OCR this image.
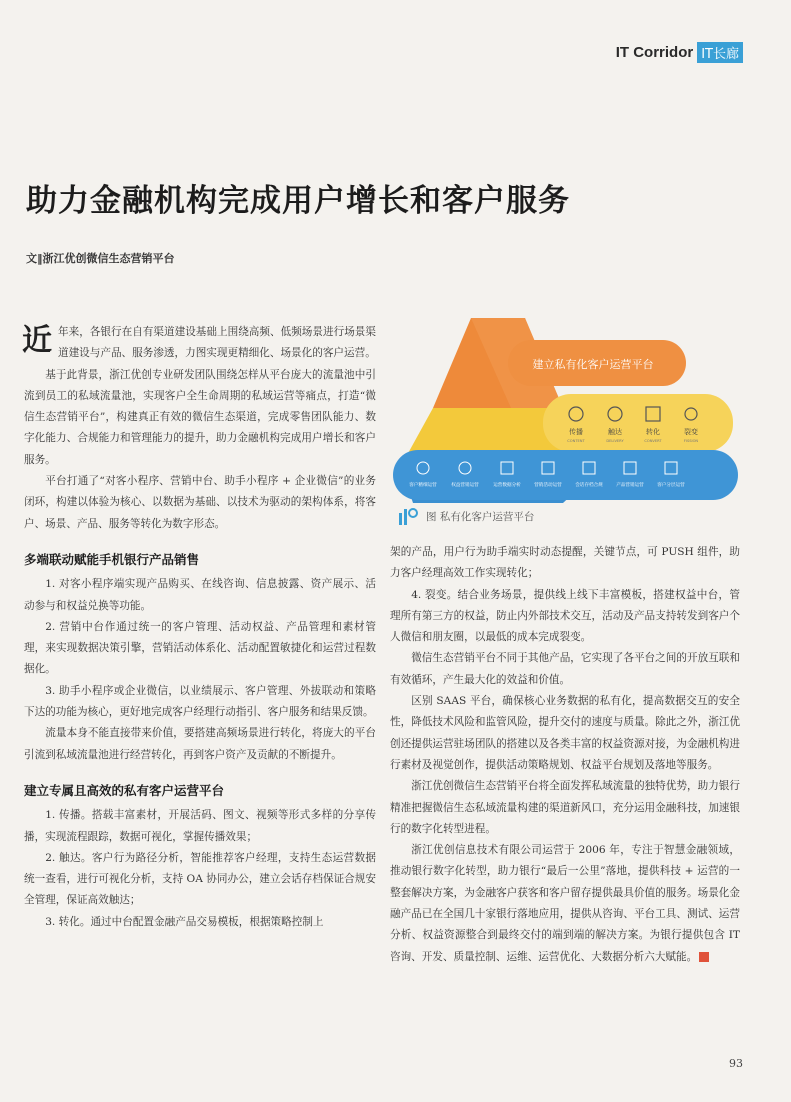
IT Corridor IT长廊
助力金融机构完成用户增长和客户服务
文‖浙江优创微信生态营销平台

近年来，各银行在自有渠道建设基础上围绕高频、低频场景进行场景渠道建设与产品、服务渗透，力图实现更精细化、场景化的客户运营。

基于此背景，浙江优创专业研发团队围绕怎样从平台庞大的流量池中引流到员工的私域流量池，实现客户全生命周期的私域运营等痛点，打造“微信生态营销平台”，构建真正有效的微信生态渠道，完成零售团队能力、数字化能力、合规能力和管理能力的提升，助力金融机构完成用户增长和客户服务。

平台打通了“对客小程序、营销中台、助手小程序 + 企业微信”的业务闭环，构建以体验为核心、以数据为基础、以技术为驱动的架构体系，将客户、场景、产品、服务等转化为数字形态。

多端联动赋能手机银行产品销售

1. 对客小程序端实现产品购买、在线咨询、信息披露、资产展示、活动参与和权益兑换等功能。

2. 营销中台作通过统一的客户管理、活动权益、产品管理和素材管理，来实现数据决策引擎，营销活动体系化、活动配置敏捷化和运营过程数据化。

3. 助手小程序或企业微信，以业绩展示、客户管理、外拔联动和策略下达的功能为核心，更好地完成客户经理行动指引、客户服务和结果反馈。

流量本身不能直接带来价值，要搭建高频场景进行转化，将庞大的平台引流到私域流量池进行经营转化，再到客户资产及贡献的不断提升。

建立专属且高效的私有客户运营平台

1. 传播。搭载丰富素材，开展活码、图文、视频等形式多样的分享传播，实现流程跟踪，数据可视化，掌握传播效果；

2. 触达。客户行为路径分析，智能推荐客户经理，支持生态运营数据统一查看，进行可视化分析，支持 OA 协同办公，建立会话存档保证合规安全管理，保证高效触达；

3. 转化。通过中台配置金融产品交易模板，根据策略控制上

建立私有化客户运营平台
传播	触达	转化	裂变
CONTENT	DELIVERY	CONVERT	FISSION
客户精细运营	权益营销运营	运营数据分析	营销活动运营	会话存档合规	产品营销运营	客户分层运营
图 私有化客户运营平台

架的产品，用户行为助手端实时动态提醒，关键节点，可 PUSH 组件，助力客户经理高效工作实现转化；

4. 裂变。结合业务场景，提供线上线下丰富模板，搭建权益中台，管理所有第三方的权益，防止内外部技术交互，活动及产品支持转发到客户个人微信和朋友圈，以最低的成本完成裂变。

微信生态营销平台不同于其他产品，它实现了各平台之间的开放互联和有效循环，产生最大化的效益和价值。

区别 SAAS 平台，确保核心业务数据的私有化，提高数据交互的安全性，降低技术风险和监管风险，提升交付的速度与质量。除此之外，浙江优创还提供运营驻场团队的搭建以及各类丰富的权益资源对接，为金融机构进行素材及视觉创作，提供活动策略规划、权益平台规划及落地等服务。

浙江优创微信生态营销平台将全面发挥私域流量的独特优势，助力银行精准把握微信生态私域流量构建的渠道新风口，充分运用金融科技，加速银行的数字化转型进程。

浙江优创信息技术有限公司运营于 2006 年，专注于智慧金融领域，推动银行数字化转型，助力银行“最后一公里”落地，提供科技 + 运营的一整套解决方案，为金融客户获客和客户留存提供最具价值的服务。场景化金融产品已在全国几十家银行落地应用，提供从咨询、平台工具、测试、运营分析、权益资源整合到最终交付的端到端的解决方案。为银行提供包含 IT 咨询、开发、质量控制、运维、运营优化、大数据分析六大赋能。

93
